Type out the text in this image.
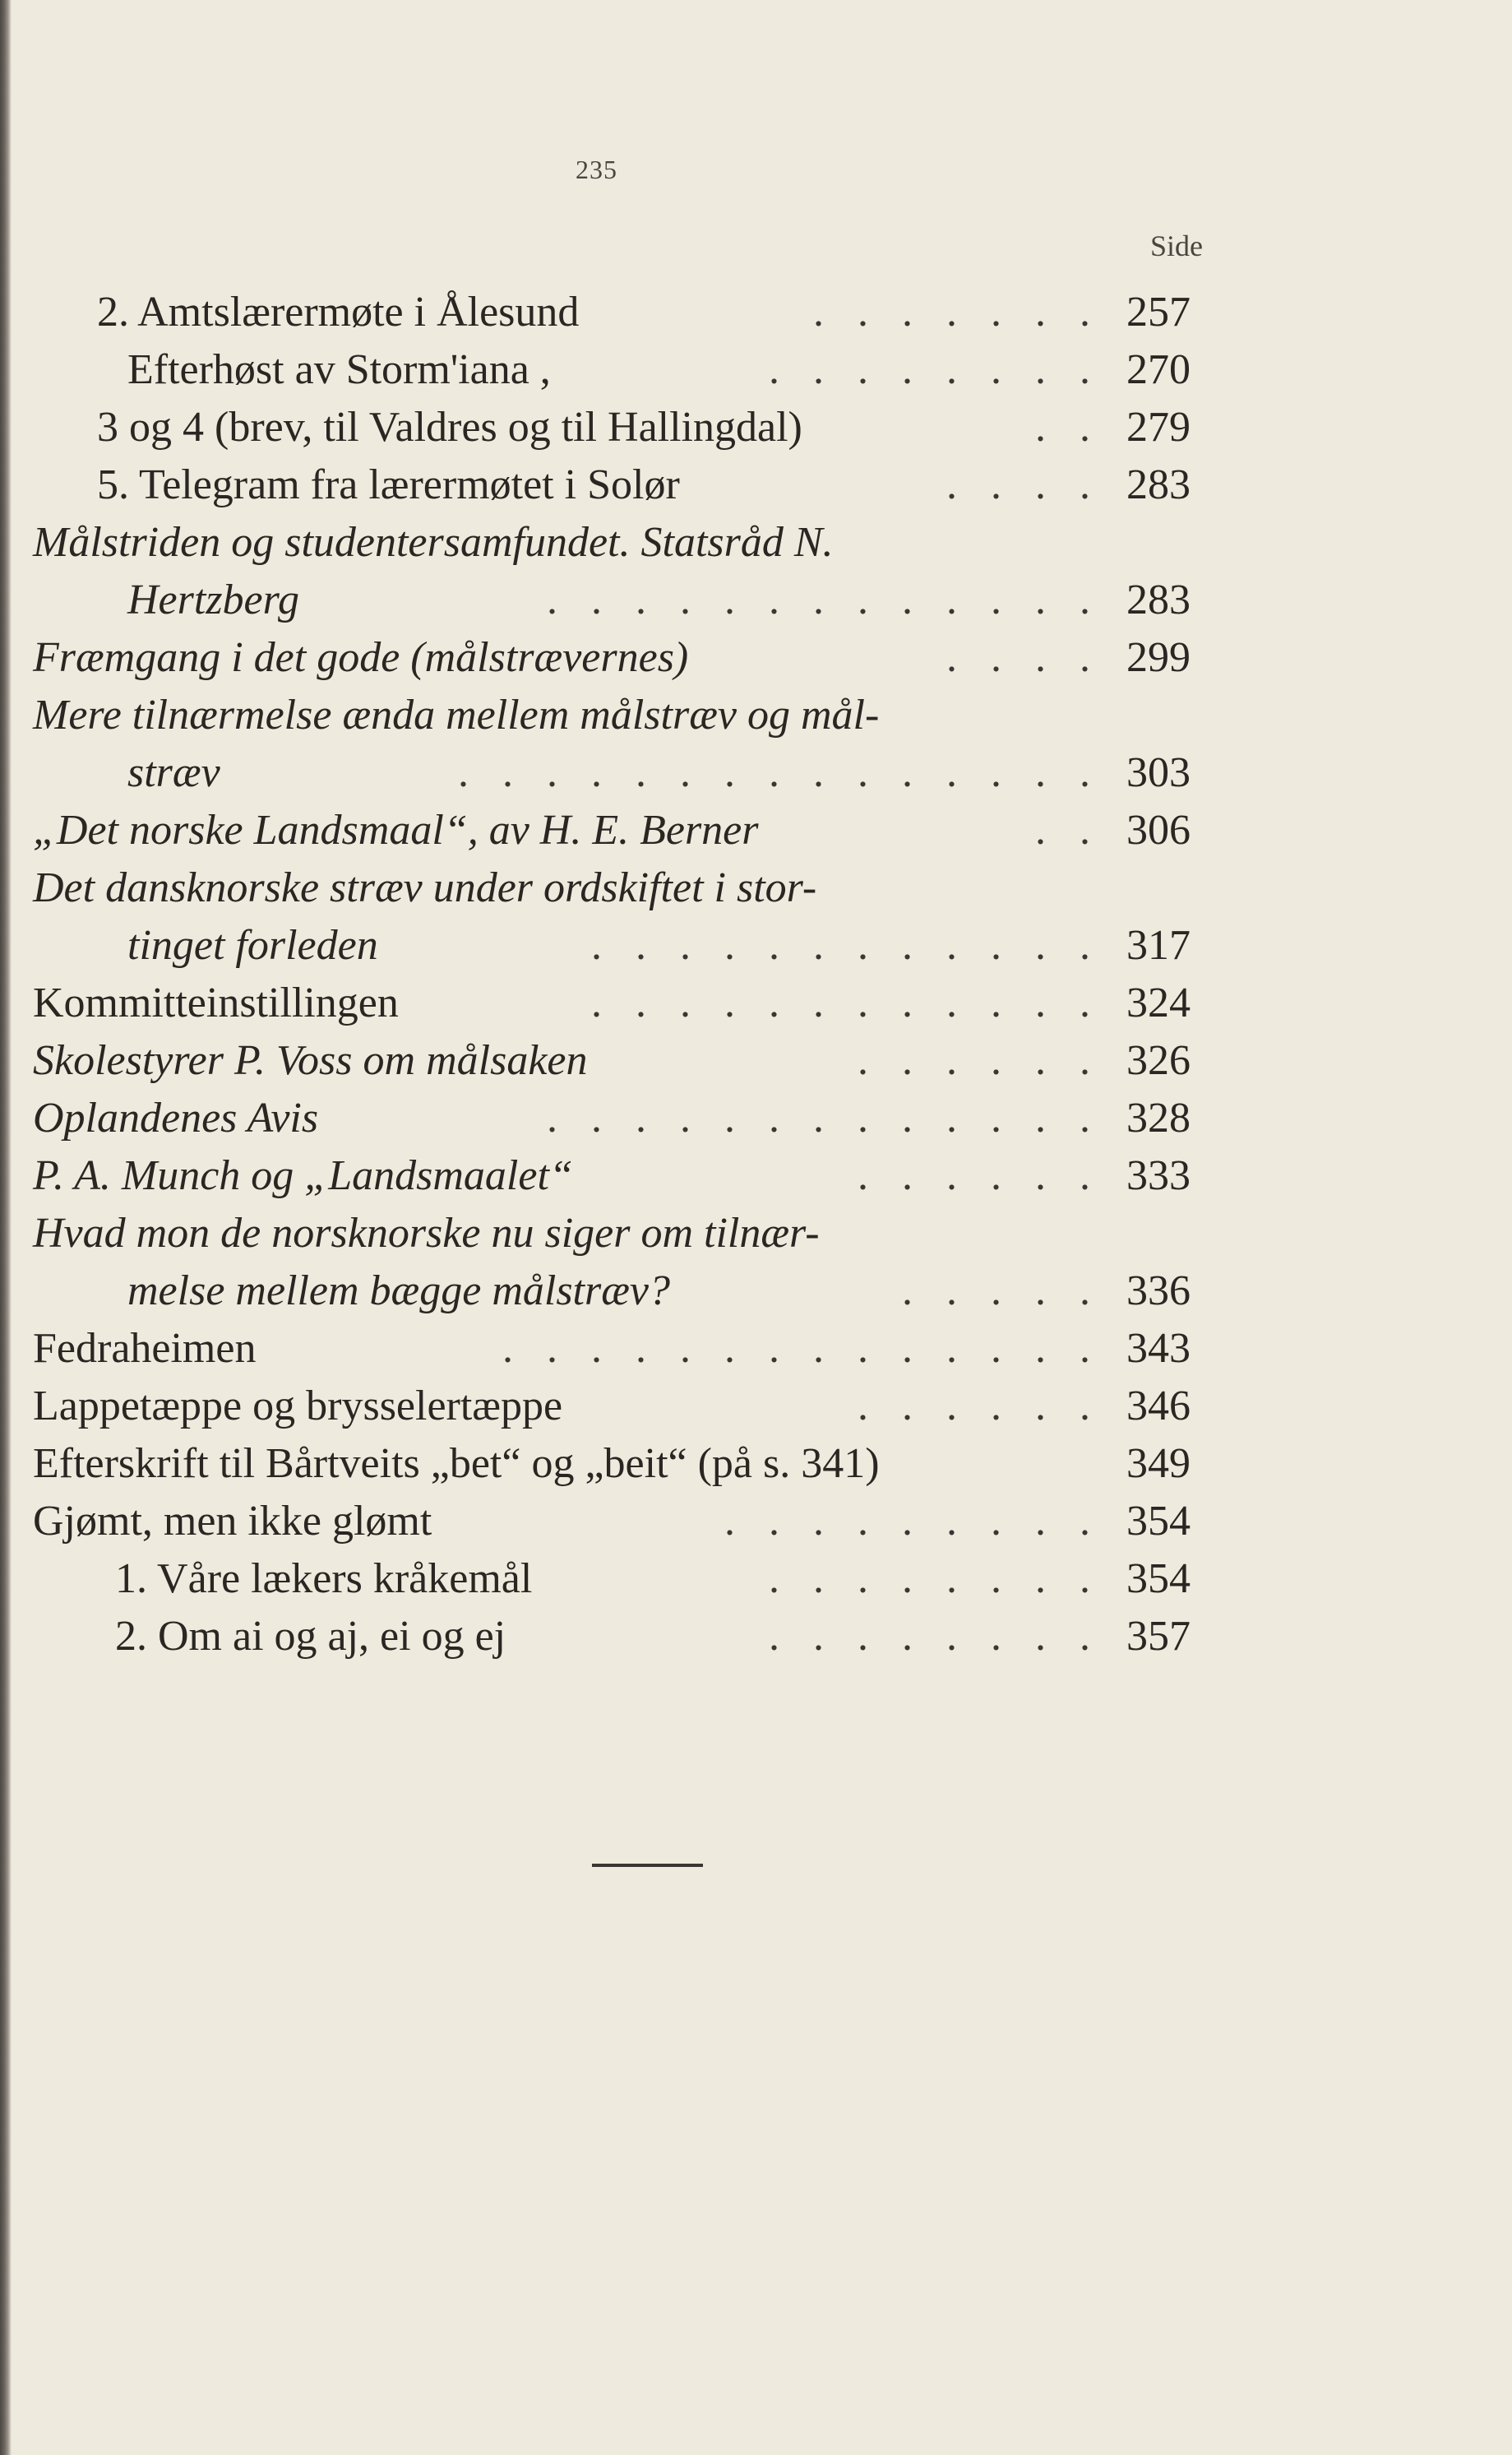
235
Side
2. Amtslærermøte i Ålesund	. . . . . . . 257
Efterhøst av Storm'iana ,	. . . . . . . . 270
3 og 4 (brev, til Valdres og til Hallingdal)	. . 279
5. Telegram fra lærermøtet i Solør	. . . . 283
Målstriden og studentersamfundet. Statsråd N.
Hertzberg	. . . . . . . . . . . . . 283
Fræmgang i det gode (målstrævernes)	. . . . 299
Mere tilnærmelse ænda mellem målstræv og mål-
stræv	. . . . . . . . . . . . . . . 303
„Det norske Landsmaal“, av H. E. Berner	. . 306
Det dansknorske stræv under ordskiftet i stor-
tinget forleden	. . . . . . . . . . . . 317
Kommitteinstillingen	. . . . . . . . . . . . 324
Skolestyrer P. Voss om målsaken	. . . . . . 326
Oplandenes Avis	. . . . . . . . . . . . . 328
P. A. Munch og „Landsmaalet“	. . . . . . 333
Hvad mon de norsknorske nu siger om tilnær-
melse mellem bægge målstræv?	. . . . . 336
Fedraheimen	. . . . . . . . . . . . . . 343
Lappetæppe og brysselertæppe	. . . . . . 346
Efterskrift til Bårtveits „bet“ og „beit“ (på s. 341)	349
Gjømt, men ikke glømt	. . . . . . . . . 354
1. Våre lækers kråkemål	. . . . . . . . 354
2. Om ai og aj, ei og ej	. . . . . . . . 357
